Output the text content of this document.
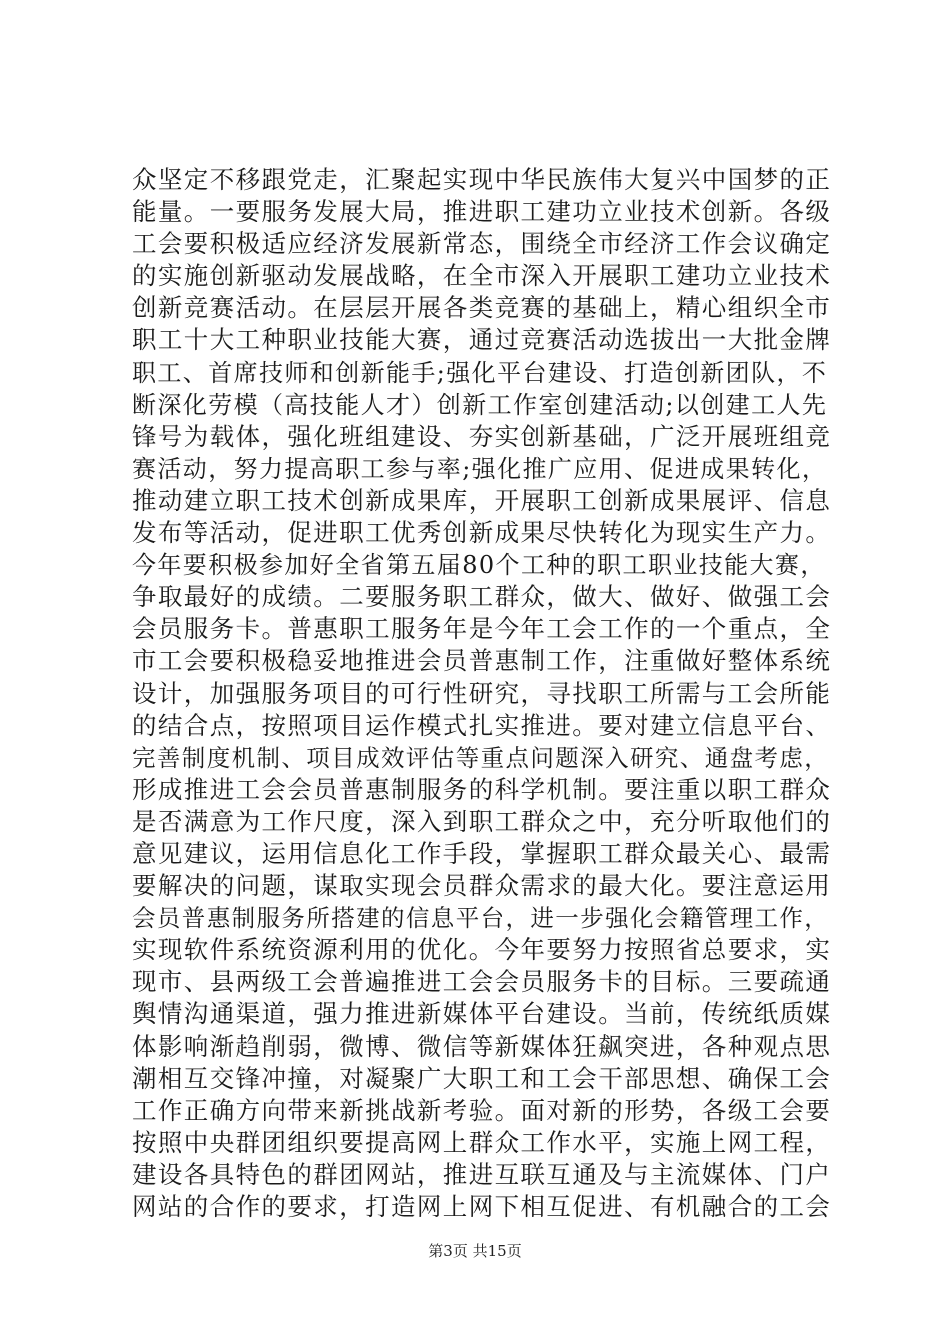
众坚定不移跟党走，汇聚起实现中华民族伟大复兴中国梦的正
能量。一要服务发展大局，推进职工建功立业技术创新。各级
工会要积极适应经济发展新常态，围绕全市经济工作会议确定
的实施创新驱动发展战略，在全市深入开展职工建功立业技术
创新竞赛活动。在层层开展各类竞赛的基础上，精心组织全市
职工十大工种职业技能大赛，通过竞赛活动选拔出一大批金牌
职工、首席技师和创新能手;强化平台建设、打造创新团队，不
断深化劳模（高技能人才）创新工作室创建活动;以创建工人先
锋号为载体，强化班组建设、夯实创新基础，广泛开展班组竞
赛活动，努力提高职工参与率;强化推广应用、促进成果转化，
推动建立职工技术创新成果库，开展职工创新成果展评、信息
发布等活动，促进职工优秀创新成果尽快转化为现实生产力。
今年要积极参加好全省第五届80个工种的职工职业技能大赛，
争取最好的成绩。二要服务职工群众，做大、做好、做强工会
会员服务卡。普惠职工服务年是今年工会工作的一个重点，全
市工会要积极稳妥地推进会员普惠制工作，注重做好整体系统
设计，加强服务项目的可行性研究，寻找职工所需与工会所能
的结合点，按照项目运作模式扎实推进。要对建立信息平台、
完善制度机制、项目成效评估等重点问题深入研究、通盘考虑，
形成推进工会会员普惠制服务的科学机制。要注重以职工群众
是否满意为工作尺度，深入到职工群众之中，充分听取他们的
意见建议，运用信息化工作手段，掌握职工群众最关心、最需
要解决的问题，谋取实现会员群众需求的最大化。要注意运用
会员普惠制服务所搭建的信息平台，进一步强化会籍管理工作，
实现软件系统资源利用的优化。今年要努力按照省总要求，实
现市、县两级工会普遍推进工会会员服务卡的目标。三要疏通
舆情沟通渠道，强力推进新媒体平台建设。当前，传统纸质媒
体影响渐趋削弱，微博、微信等新媒体狂飙突进，各种观点思
潮相互交锋冲撞，对凝聚广大职工和工会干部思想、确保工会
工作正确方向带来新挑战新考验。面对新的形势，各级工会要
按照中央群团组织要提高网上群众工作水平，实施上网工程，
建设各具特色的群团网站，推进互联互通及与主流媒体、门户
网站的合作的要求，打造网上网下相互促进、有机融合的工会
第3页 共15页
